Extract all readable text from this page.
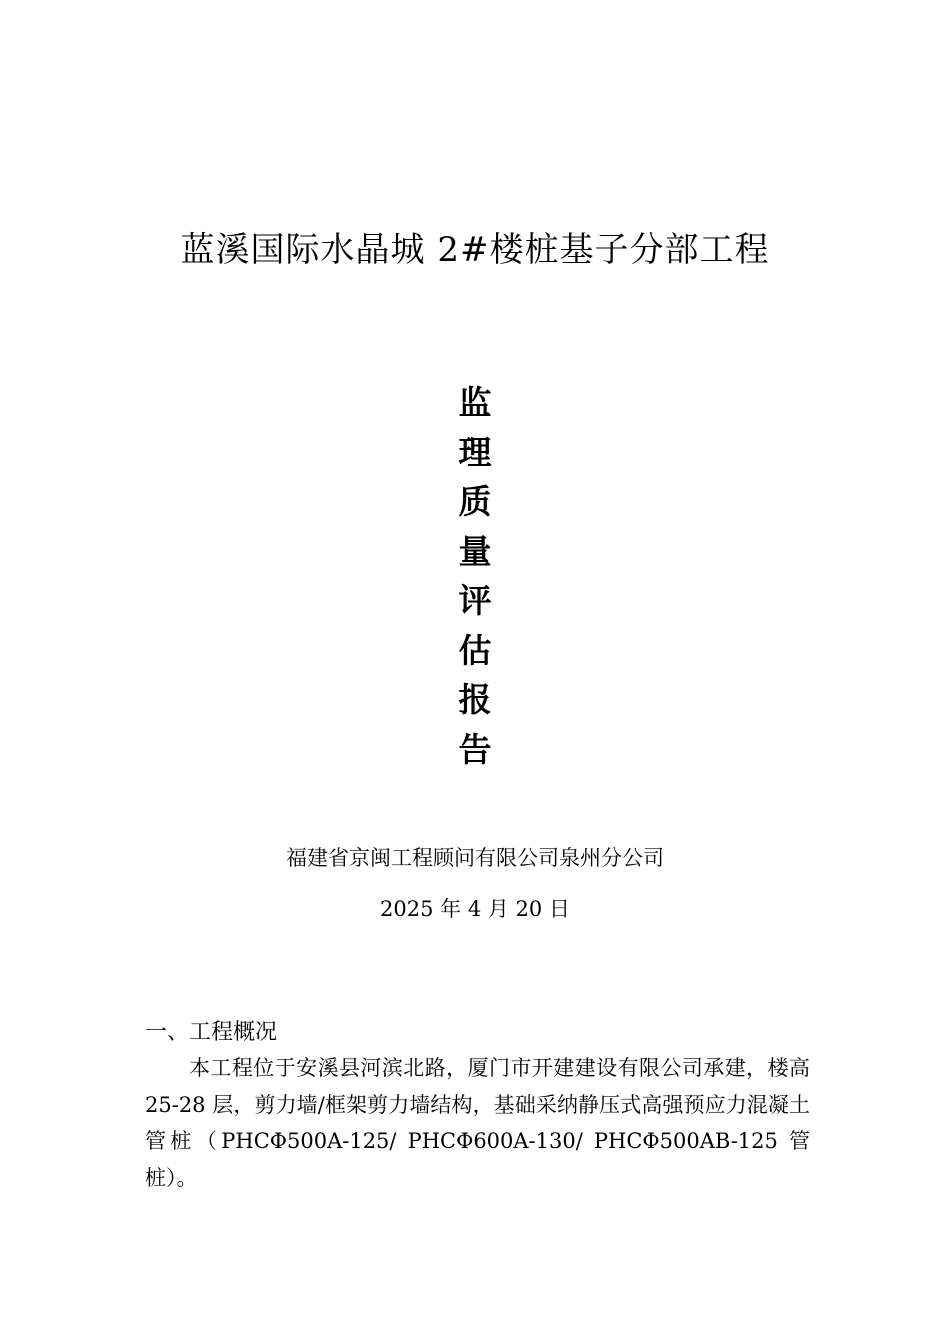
蓝溪国际水晶城 2#楼桩基子分部工程
监
理
质
量
评
估
报
告
福建省京闽工程顾问有限公司泉州分公司
2025 年 4 月 20 日
一、工程概况

本工程位于安溪县河滨北路，厦门市开建建设有限公司承建，楼高 25-28 层，剪力墙/框架剪力墙结构，基础采纳静压式高强预应力混凝土管桩（PHCΦ500A-125/ PHCΦ600A-130/ PHCΦ500AB-125 管桩）。
